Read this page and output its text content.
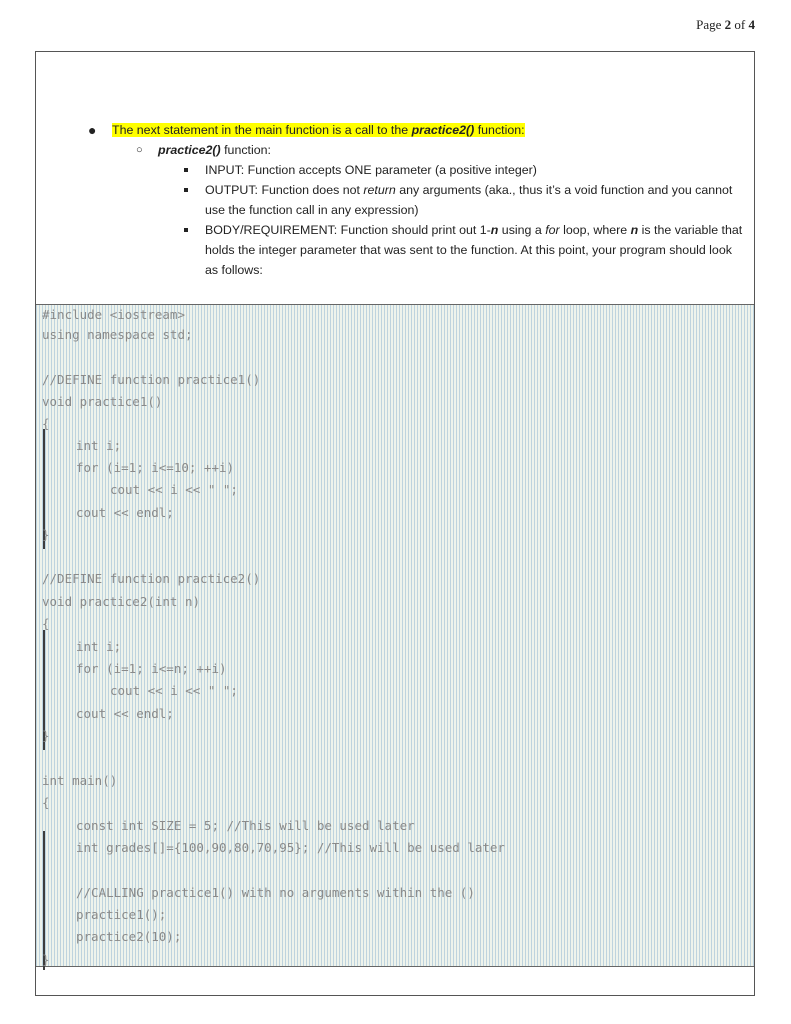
Page 2 of 4
● The next statement in the main function is a call to the practice2() function:
○ practice2() function:
INPUT: Function accepts ONE parameter (a positive integer)
OUTPUT: Function does not return any arguments (aka., thus it’s a void function and you cannot use the function call in any expression)
BODY/REQUIREMENT: Function should print out 1-n using a for loop, where n is the variable that holds the integer parameter that was sent to the function. At this point, your program should look as follows:
#include <iostream>
using namespace std;
//DEFINE function practice1()
void practice1()
{
int i;
for (i=1; i<=10; ++i)
cout << i << " ";
cout << endl;
}
//DEFINE function practice2()
void practice2(int n)
{
int i;
for (i=1; i<=n; ++i)
cout << i << " ";
cout << endl;
}
int main()
{
const int SIZE = 5; //This will be used later
int grades[]={100,90,80,70,95}; //This will be used later
//CALLING practice1() with no arguments within the ()
practice1();
practice2(10);
}
